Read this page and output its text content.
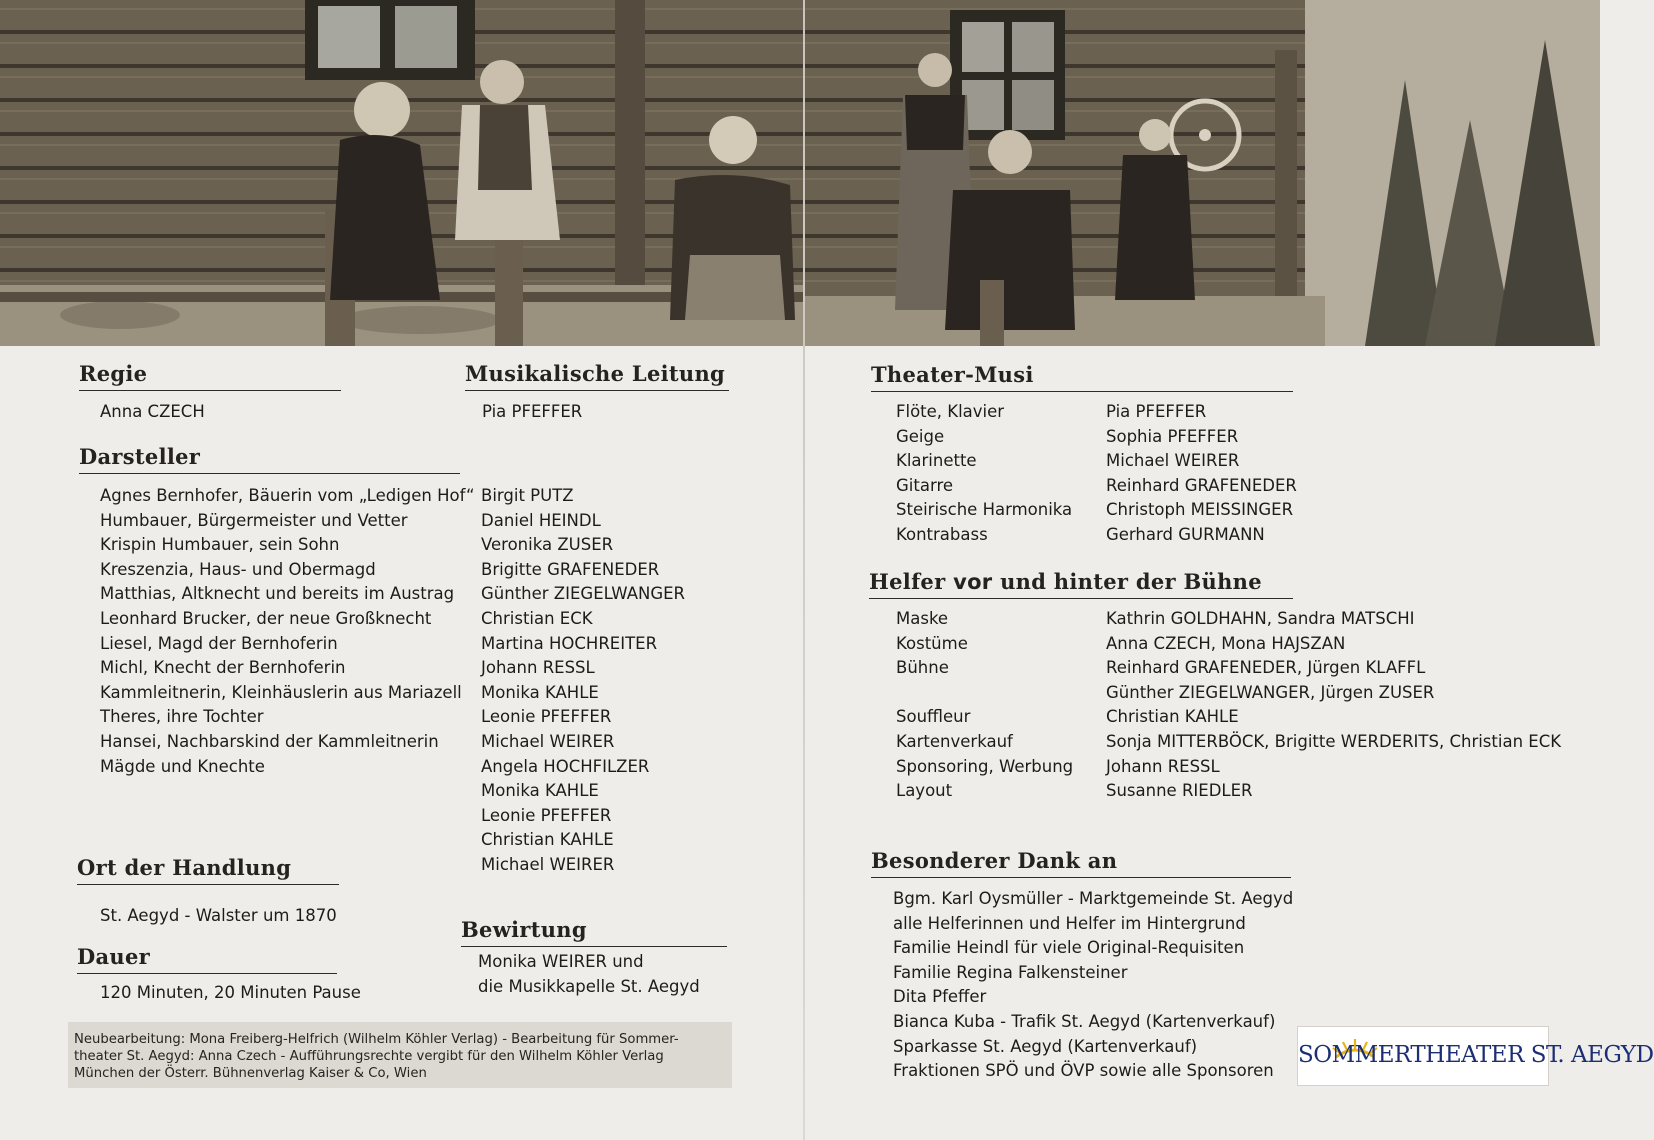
Regie
Anna CZECH
Musikalische Leitung
Pia PFEFFER
Darsteller
Agnes Bernhofer, Bäuerin vom „Ledigen Hof“
Humbauer, Bürgermeister und Vetter
Krispin Humbauer, sein Sohn
Kreszenzia, Haus- und Obermagd
Matthias, Altknecht und bereits im Austrag
Leonhard Brucker, der neue Großknecht
Liesel, Magd der Bernhoferin
Michl, Knecht der Bernhoferin
Kammleitnerin, Kleinhäuslerin aus Mariazell
Theres, ihre Tochter
Hansei, Nachbarskind der Kammleitnerin
Mägde und Knechte
Birgit PUTZ
Daniel HEINDL
Veronika ZUSER
Brigitte GRAFENEDER
Günther ZIEGELWANGER
Christian ECK
Martina HOCHREITER
Johann RESSL
Monika KAHLE
Leonie PFEFFER
Michael WEIRER
Angela HOCHFILZER
Monika KAHLE
Leonie PFEFFER
Christian KAHLE
Michael WEIRER
Ort der Handlung
St. Aegyd - Walster um 1870
Dauer
120 Minuten, 20 Minuten Pause
Bewirtung
Monika WEIRER und
die Musikkapelle St. Aegyd
Neubearbeitung: Mona Freiberg-Helfrich (Wilhelm Köhler Verlag) - Bearbeitung für Sommer-
theater St. Aegyd: Anna Czech - Aufführungsrechte vergibt für den Wilhelm Köhler Verlag
München der Österr. Bühnenverlag Kaiser & Co, Wien
Theater-Musi
Flöte, Klavier
Geige
Klarinette
Gitarre
Steirische Harmonika
Kontrabass
Pia PFEFFER
Sophia PFEFFER
Michael WEIRER
Reinhard GRAFENEDER
Christoph MEISSINGER
Gerhard GURMANN
Helfer vor und hinter der Bühne
Maske
Kostüme
Bühne
Souffleur
Kartenverkauf
Sponsoring, Werbung
Layout
Kathrin GOLDHAHN, Sandra MATSCHI
Anna CZECH, Mona HAJSZAN
Reinhard GRAFENEDER, Jürgen KLAFFL
Günther ZIEGELWANGER, Jürgen ZUSER
Christian KAHLE
Sonja MITTERBÖCK, Brigitte WERDERITS, Christian ECK
Johann RESSL
Susanne RIEDLER
Besonderer Dank an
Bgm. Karl Oysmüller - Marktgemeinde St. Aegyd
alle Helferinnen und Helfer im Hintergrund
Familie Heindl für viele Original-Requisiten
Familie Regina Falkensteiner
Dita Pfeffer
Bianca Kuba - Trafik St. Aegyd (Kartenverkauf)
Sparkasse St. Aegyd (Kartenverkauf)
Fraktionen SPÖ und ÖVP sowie alle Sponsoren
SOMMERTHEATER ST. AEGYD
